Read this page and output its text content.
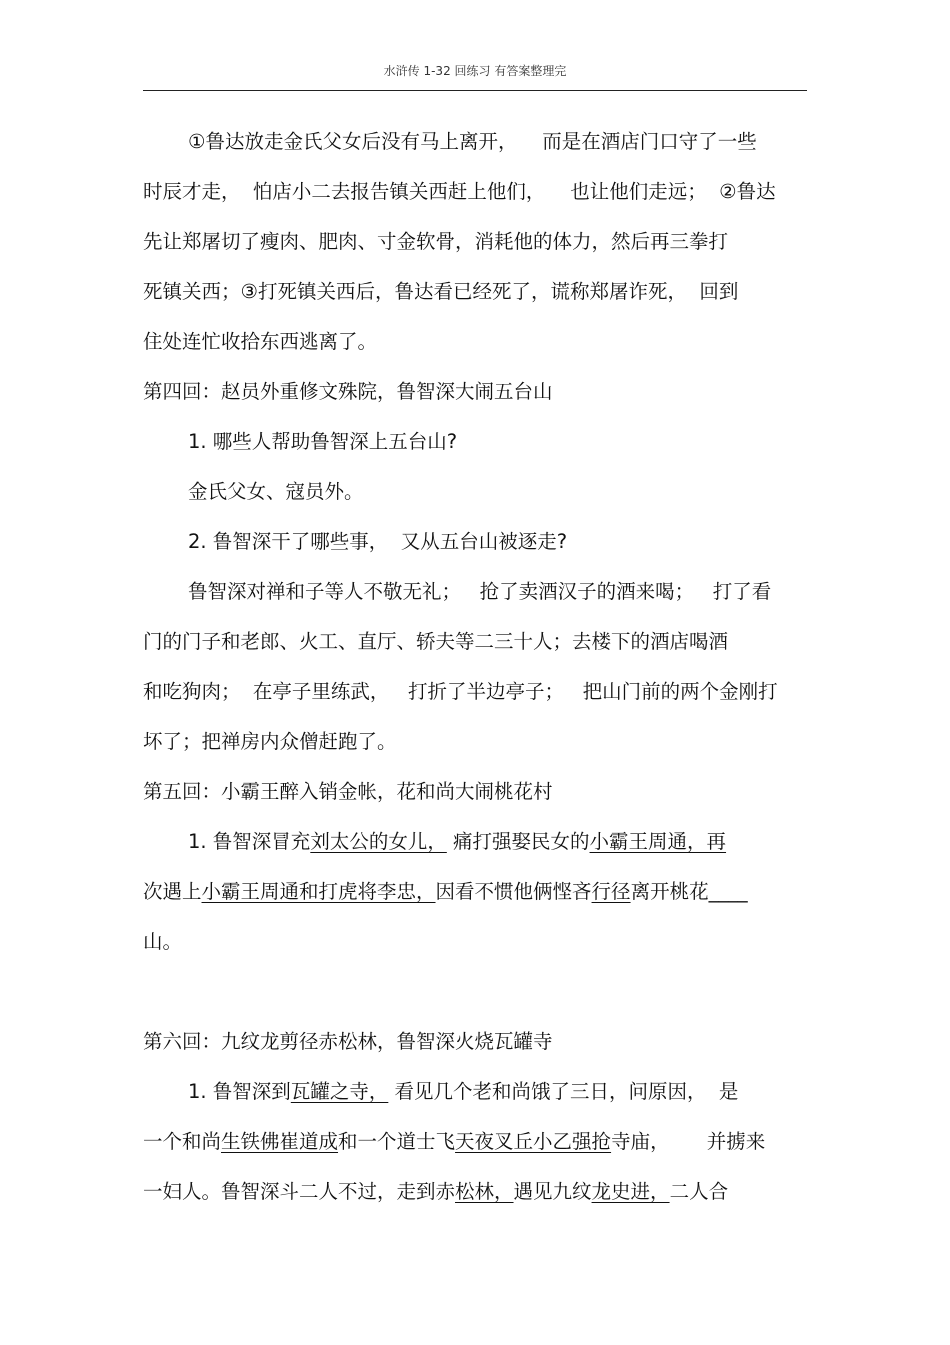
水浒传 1-32 回练习 有答案整理完
①鲁达放走金氏父女后没有马上离开，    而是在酒店门口守了一些
时辰才走，  怕店小二去报告镇关西赶上他们，    也让他们走远；  ②鲁达
先让郑屠切了瘦肉、肥肉、寸金软骨，消耗他的体力，然后再三拳打
死镇关西；③打死镇关西后，鲁达看已经死了，谎称郑屠诈死，  回到
住处连忙收拾东西逃离了。
第四回：赵员外重修文殊院，鲁智深大闹五台山
1. 哪些人帮助鲁智深上五台山?
金氏父女、寇员外。
2. 鲁智深干了哪些事，  又从五台山被逐走?
鲁智深对禅和子等人不敬无礼；   抢了卖酒汉子的酒来喝；   打了看
门的门子和老郎、火工、直厅、轿夫等二三十人；去楼下的酒店喝酒
和吃狗肉；  在亭子里练武，   打折了半边亭子；   把山门前的两个金刚打
坏了；把禅房内众僧赶跑了。
第五回：小霸王醉入销金帐，花和尚大闹桃花村
1. 鲁智深冒充刘太公的女儿， 痛打强娶民女的小霸王周通，再
次遇上小霸王周通和打虎将李忠，因看不惯他俩悭吝行径离开桃花____
山。
第六回：九纹龙剪径赤松林，鲁智深火烧瓦罐寺
1. 鲁智深到瓦罐之寺， 看见几个老和尚饿了三日，问原因，  是
一个和尚生铁佛崔道成和一个道士飞天夜叉丘小乙强抢寺庙，      并掳来
一妇人。鲁智深斗二人不过，走到赤松林，遇见九纹龙史进，二人合
